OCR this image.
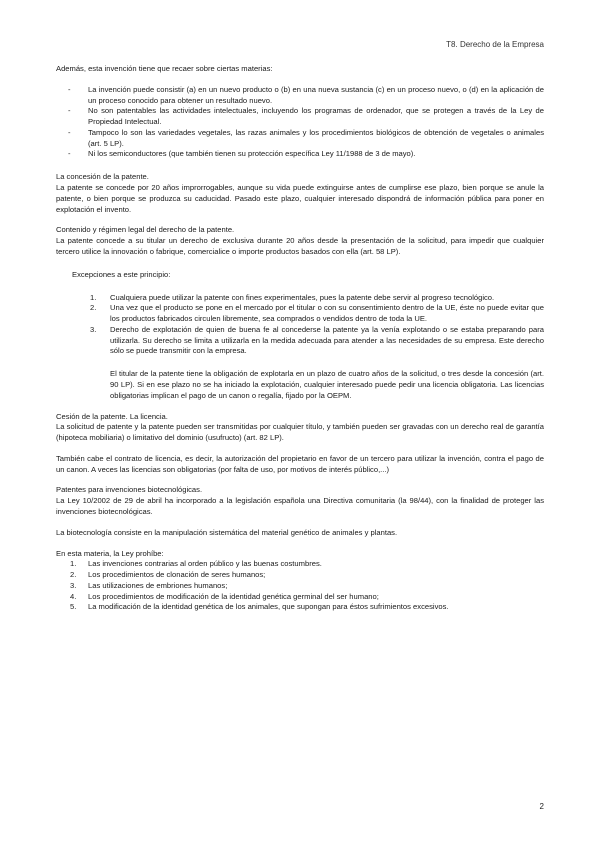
T8. Derecho de la Empresa

Además, esta invención tiene que recaer sobre ciertas materias:

- La invención puede consistir (a) en un nuevo producto o (b) en una nueva sustancia (c) en un proceso nuevo, o (d) en la aplicación de un proceso conocido para obtener un resultado nuevo.
- No son patentables las actividades intelectuales, incluyendo los programas de ordenador, que se protegen a través de la Ley de Propiedad Intelectual.
- Tampoco lo son las variedades vegetales, las razas animales y los procedimientos biológicos de obtención de vegetales o animales (art. 5 LP).
- Ni los semiconductores (que también tienen su protección específica Ley 11/1988 de 3 de mayo).

La concesión de la patente.

La patente se concede por 20 años improrrogables, aunque su vida puede extinguirse antes de cumplirse ese plazo, bien porque se anule la patente, o bien porque se produzca su caducidad. Pasado este plazo, cualquier interesado dispondrá de información pública para poner en explotación el invento.

Contenido y régimen legal del derecho de la patente.

La patente concede a su titular un derecho de exclusiva durante 20 años desde la presentación de la solicitud, para impedir que cualquier tercero utilice la innovación o fabrique, comercialice o importe productos basados con ella (art. 58 LP).

Excepciones a este principio:

1. Cualquiera puede utilizar la patente con fines experimentales, pues la patente debe servir al progreso tecnológico.
2. Una vez que el producto se pone en el mercado por el titular o con su consentimiento dentro de la UE, éste no puede evitar que los productos fabricados circulen libremente, sea comprados o vendidos dentro de toda la UE.
3. Derecho de explotación de quien de buena fe al concederse la patente ya la venía explotando o se estaba preparando para utilizarla. Su derecho se limita a utilizarla en la medida adecuada para atender a las necesidades de su empresa. Este derecho sólo se puede transmitir con la empresa.

El titular de la patente tiene la obligación de explotarla en un plazo de cuatro años de la solicitud, o tres desde la concesión (art. 90 LP). Si en ese plazo no se ha iniciado la explotación, cualquier interesado puede pedir una licencia obligatoria. Las licencias obligatorias implican el pago de un canon o regalía, fijado por la OEPM.

Cesión de la patente. La licencia.

La solicitud de patente y la patente pueden ser transmitidas por cualquier título, y también pueden ser gravadas con un derecho real de garantía (hipoteca mobiliaria) o limitativo del dominio (usufructo) (art. 82 LP).

También cabe el contrato de licencia, es decir, la autorización del propietario en favor de un tercero para utilizar la invención, contra el pago de un canon. A veces las licencias son obligatorias (por falta de uso, por motivos de interés público,...)

Patentes para invenciones biotecnológicas.

La Ley 10/2002 de 29 de abril ha incorporado a la legislación española una Directiva comunitaria (la 98/44), con la finalidad de proteger las invenciones biotecnológicas.

La biotecnología consiste en la manipulación sistemática del material genético de animales y plantas.

En esta materia, la Ley prohíbe:

1. Las invenciones contrarias al orden público y las buenas costumbres.
2. Los procedimientos de clonación de seres humanos;
3. Las utilizaciones de embriones humanos;
4. Los procedimientos de modificación de la identidad genética germinal del ser humano;
5. La modificación de la identidad genética de los animales, que supongan para éstos sufrimientos excesivos.
2
